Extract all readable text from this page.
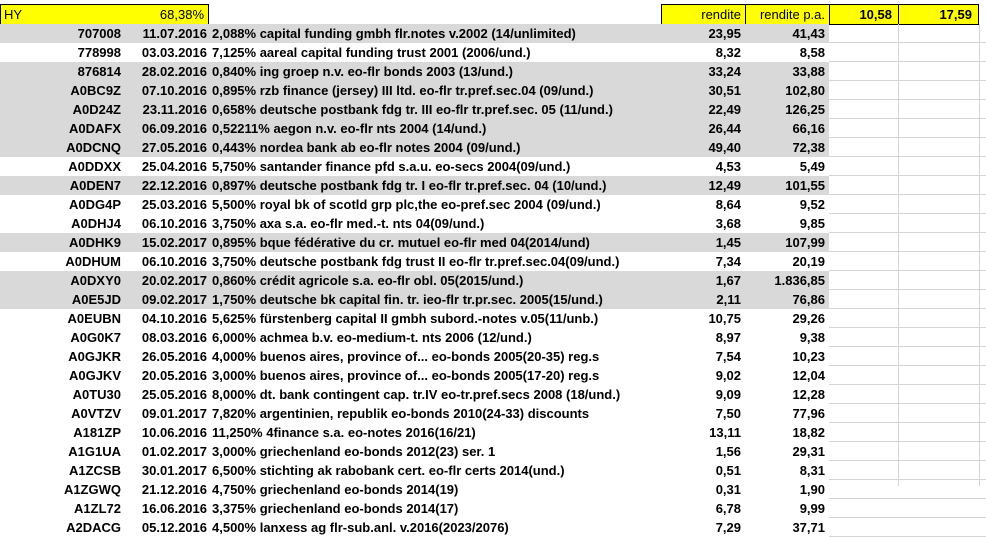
HY	68,38%	rendite	rendite p.a.	10,58	17,59
707008	11.07.2016 2,088% capital funding gmbh flr.notes v.2002 (14/unlimited)	23,95	41,43
778998	03.03.2016 7,125% aareal capital funding trust 2001 (2006/und.)	8,32	8,58
876814	28.02.2016 0,840% ing groep n.v. eo-flr bonds 2003 (13/und.)	33,24	33,88
A0BC9Z	07.10.2016 0,895% rzb finance (jersey) III ltd. eo-flr tr.pref.sec.04 (09/und.)	30,51	102,80
A0D24Z	23.11.2016 0,658% deutsche postbank fdg tr. III eo-flr tr.pref.sec. 05 (11/und.)	22,49	126,25
A0DAFX	06.09.2016 0,52211% aegon n.v. eo-flr nts 2004 (14/und.)	26,44	66,16
A0DCNQ	27.05.2016 0,443% nordea bank ab eo-flr notes 2004 (09/und.)	49,40	72,38
A0DDXX	25.04.2016 5,750% santander finance pfd s.a.u. eo-secs 2004(09/und.)	4,53	5,49
A0DEN7	22.12.2016 0,897% deutsche postbank fdg tr. I eo-flr tr.pref.sec. 04 (10/und.)	12,49	101,55
A0DG4P	25.03.2016 5,500% royal bk of scotld grp plc,the eo-pref.sec 2004 (09/und.)	8,64	9,52
A0DHJ4	06.10.2016 3,750% axa s.a. eo-flr med.-t. nts 04(09/und.)	3,68	9,85
A0DHK9	15.02.2017 0,895% bque fédérative du cr. mutuel eo-flr med 04(2014/und)	1,45	107,99
A0DHUM	06.10.2016 3,750% deutsche postbank fdg trust II eo-flr tr.pref.sec.04(09/und.)	7,34	20,19
A0DXY0	20.02.2017 0,860% crédit agricole s.a. eo-flr obl. 05(2015/und.)	1,67	1.836,85
A0E5JD	09.02.2017 1,750% deutsche bk capital fin. tr. ieo-flr tr.pr.sec. 2005(15/und.)	2,11	76,86
A0EUBN	04.10.2016 5,625% fürstenberg capital II gmbh subord.-notes v.05(11/unb.)	10,75	29,26
A0G0K7	08.03.2016 6,000% achmea b.v. eo-medium-t. nts 2006 (12/und.)	8,97	9,38
A0GJKR	26.05.2016 4,000% buenos aires, province of... eo-bonds 2005(20-35) reg.s	7,54	10,23
A0GJKV	20.05.2016 3,000% buenos aires, province of... eo-bonds 2005(17-20) reg.s	9,02	12,04
A0TU30	25.05.2016 8,000% dt. bank contingent cap. tr.IV eo-tr.pref.secs 2008 (18/und.)	9,09	12,28
A0VTZV	09.01.2017 7,820% argentinien, republik eo-bonds 2010(24-33) discounts	7,50	77,96
A181ZP	10.06.2016 11,250% 4finance s.a. eo-notes 2016(16/21)	13,11	18,82
A1G1UA	01.02.2017 3,000% griechenland eo-bonds 2012(23) ser. 1	1,56	29,31
A1ZCSB	30.01.2017 6,500% stichting ak rabobank cert. eo-flr certs 2014(und.)	0,51	8,31
A1ZGWQ	21.12.2016 4,750% griechenland eo-bonds 2014(19)	0,31	1,90
A1ZL72	16.06.2016 3,375% griechenland eo-bonds 2014(17)	6,78	9,99
A2DACG	05.12.2016 4,500% lanxess ag flr-sub.anl. v.2016(2023/2076)	7,29	37,71
